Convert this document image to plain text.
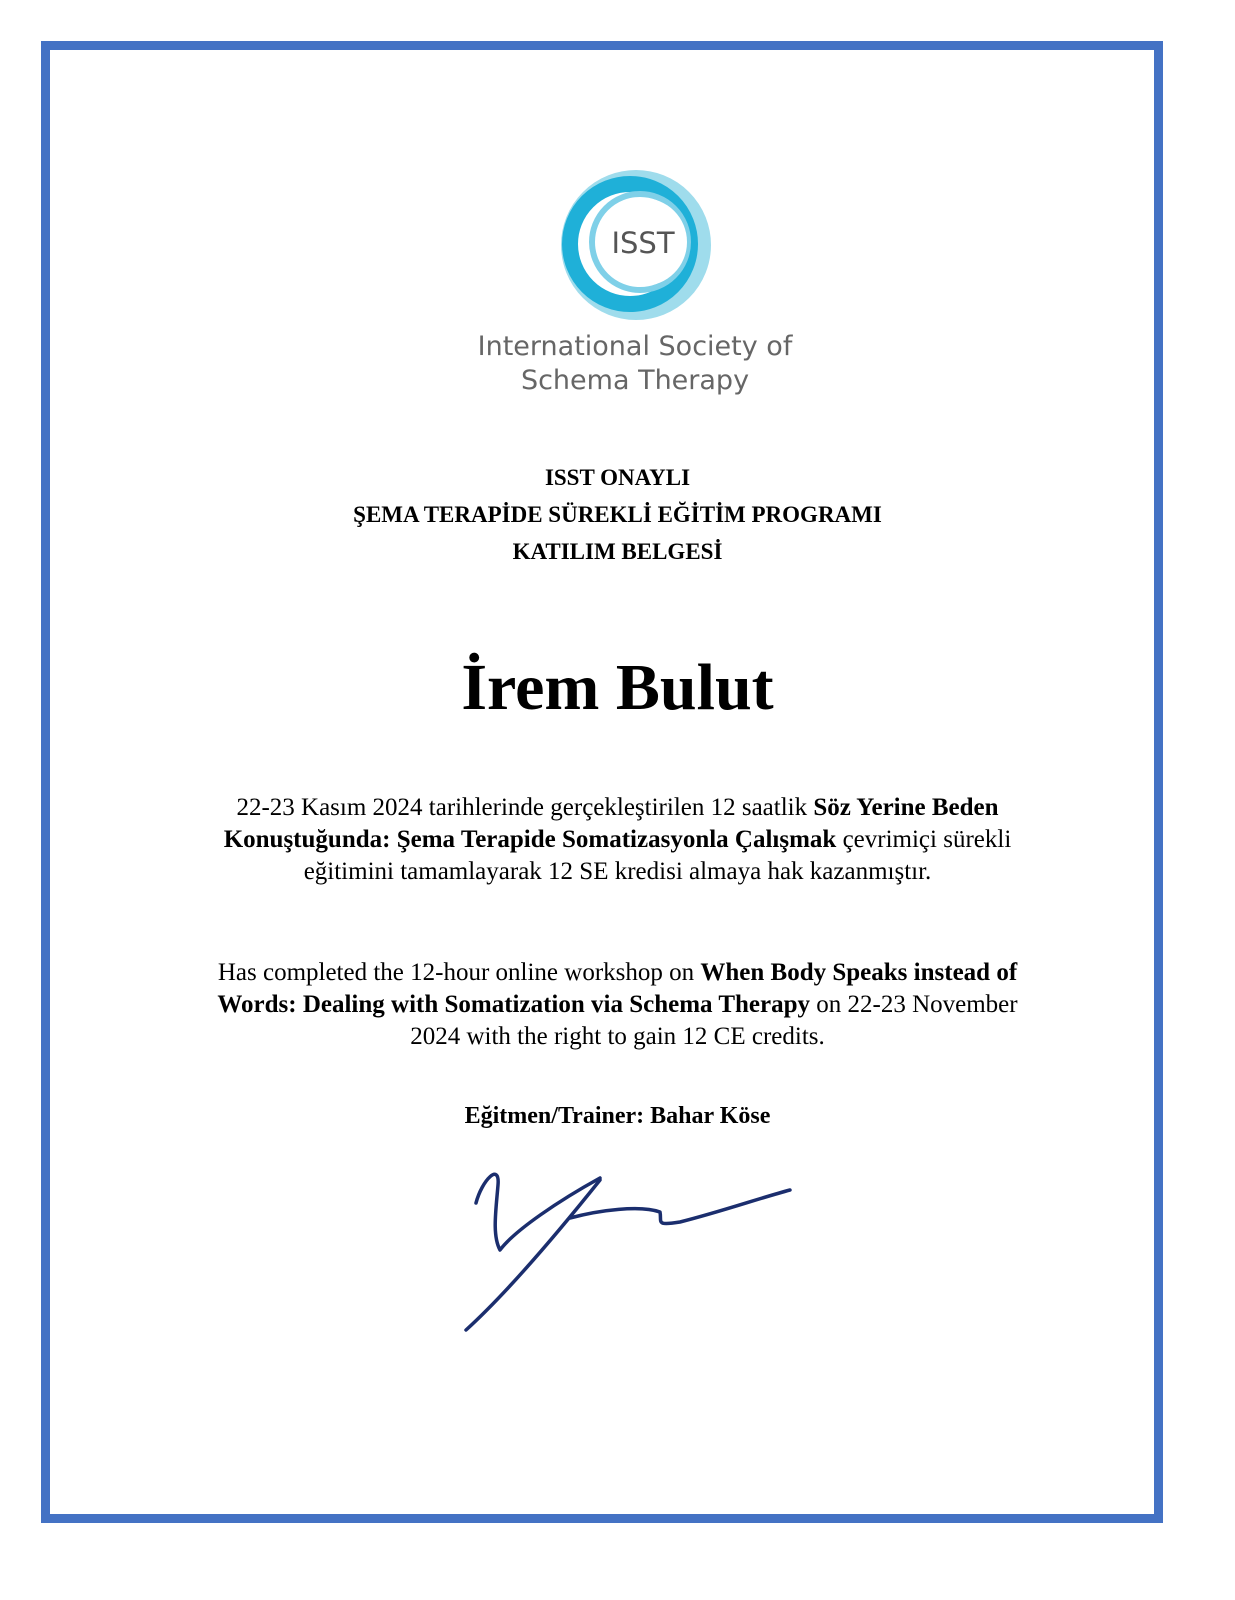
ISST
International Society of
Schema Therapy
ISST ONAYLI
ŞEMA TERAPİDE SÜREKLİ EĞİTİM PROGRAMI
KATILIM BELGESİ
İrem Bulut
22-23 Kasım 2024 tarihlerinde gerçekleştirilen 12 saatlik Söz Yerine Beden
Konuştuğunda: Şema Terapide Somatizasyonla Çalışmak çevrimiçi sürekli
eğitimini tamamlayarak 12 SE kredisi almaya hak kazanmıştır.
Has completed the 12-hour online workshop on When Body Speaks instead of
Words: Dealing with Somatization via Schema Therapy on 22-23 November
2024 with the right to gain 12 CE credits.
Eğitmen/Trainer: Bahar Köse
